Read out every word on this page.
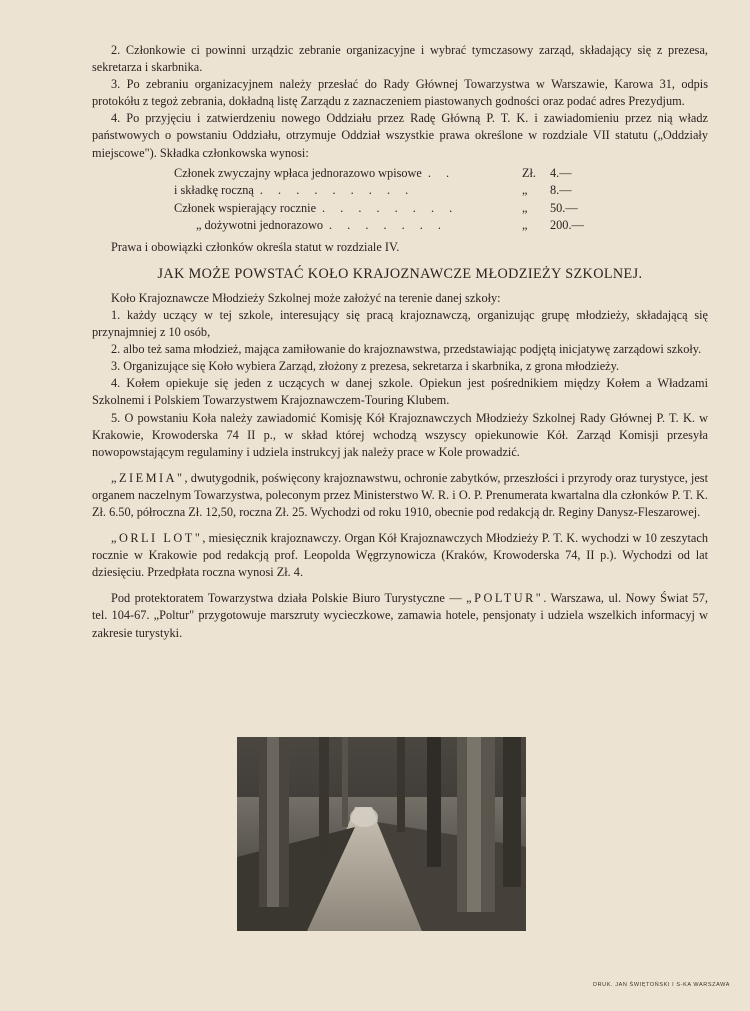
2. Członkowie ci powinni urządzic zebranie organizacyjne i wybrać tymczasowy zarząd, składający się z prezesa, sekretarza i skarbnika.

3. Po zebraniu organizacyjnem należy przesłać do Rady Głównej Towarzystwa w Warszawie, Karowa 31, odpis protokółu z tegoż zebrania, dokładną listę Zarządu z zaznaczeniem piastowanych godności oraz podać adres Prezydjum.

4. Po przyjęciu i zatwierdzeniu nowego Oddziału przez Radę Główną P. T. K. i zawiadomieniu przez nią władz państwowych o powstaniu Oddziału, otrzymuje Oddział wszystkie prawa określone w rozdziale VII statutu („Oddziały miejscowe"). Składka członkowska wynosi:

Członek zwyczajny wpłaca jednorazowo wpisowe . .	Zł.	4.—
i składkę roczną . . . . . . . . .	„	8.—
Członek wspierający rocznie . . . . . . . .	„	50.—
„ dożywotni jednorazowo . . . . . . .	„	200.—

Prawa i obowiązki członków określa statut w rozdziale IV.

JAK MOŻE POWSTAĆ KOŁO KRAJOZNAWCZE MŁODZIEŻY SZKOLNEJ.

Koło Krajoznawcze Młodzieży Szkolnej może założyć na terenie danej szkoły:

1. każdy uczący w tej szkole, interesujący się pracą krajoznawczą, organizując grupę młodzieży, składającą się przynajmniej z 10 osób,

2. albo też sama młodzież, mająca zamiłowanie do krajoznawstwa, przedstawiając podjętą inicjatywę zarządowi szkoły.

3. Organizujące się Koło wybiera Zarząd, złożony z prezesa, sekretarza i skarbnika, z grona młodzieży.

4. Kołem opiekuje się jeden z uczących w danej szkole. Opiekun jest pośrednikiem między Kołem a Władzami Szkolnemi i Polskiem Towarzystwem Krajoznawczem-Touring Klubem.

5. O powstaniu Koła należy zawiadomić Komisję Kół Krajoznawczych Młodzieży Szkolnej Rady Głównej P. T. K. w Krakowie, Krowoderska 74 II p., w skład której wchodzą wszyscy opiekunowie Kół. Zarząd Komisji przesyła nowopowstającym regulaminy i udziela instrukcyj jak należy prace w Kole prowadzić.

„ZIEMIA", dwutygodnik, poświęcony krajoznawstwu, ochronie zabytków, przeszłości i przyrody oraz turystyce, jest organem naczelnym Towarzystwa, poleconym przez Ministerstwo W. R. i O. P. Prenumerata kwartalna dla członków P. T. K. Zł. 6.50, półroczna Zł. 12,50, roczna Zł. 25. Wychodzi od roku 1910, obecnie pod redakcją dr. Reginy Danysz-Fleszarowej.

„ORLI LOT", miesięcznik krajoznawczy. Organ Kół Krajoznawczych Młodzieży P. T. K. wychodzi w 10 zeszytach rocznie w Krakowie pod redakcją prof. Leopolda Węgrzynowicza (Kraków, Krowoderska 74, II p.). Wychodzi od lat dziesięciu. Przedpłata roczna wynosi Zł. 4.

Pod protektoratem Towarzystwa działa Polskie Biuro Turystyczne — „POLTUR". Warszawa, ul. Nowy Świat 57, tel. 104-67. „Poltur" przygotowuje marszruty wycieczkowe, zamawia hotele, pensjonaty i udziela wszelkich informacyj w zakresie turystyki.

DRUK. JAN ŚWIĘTOŃSKI I S-KA WARSZAWA
